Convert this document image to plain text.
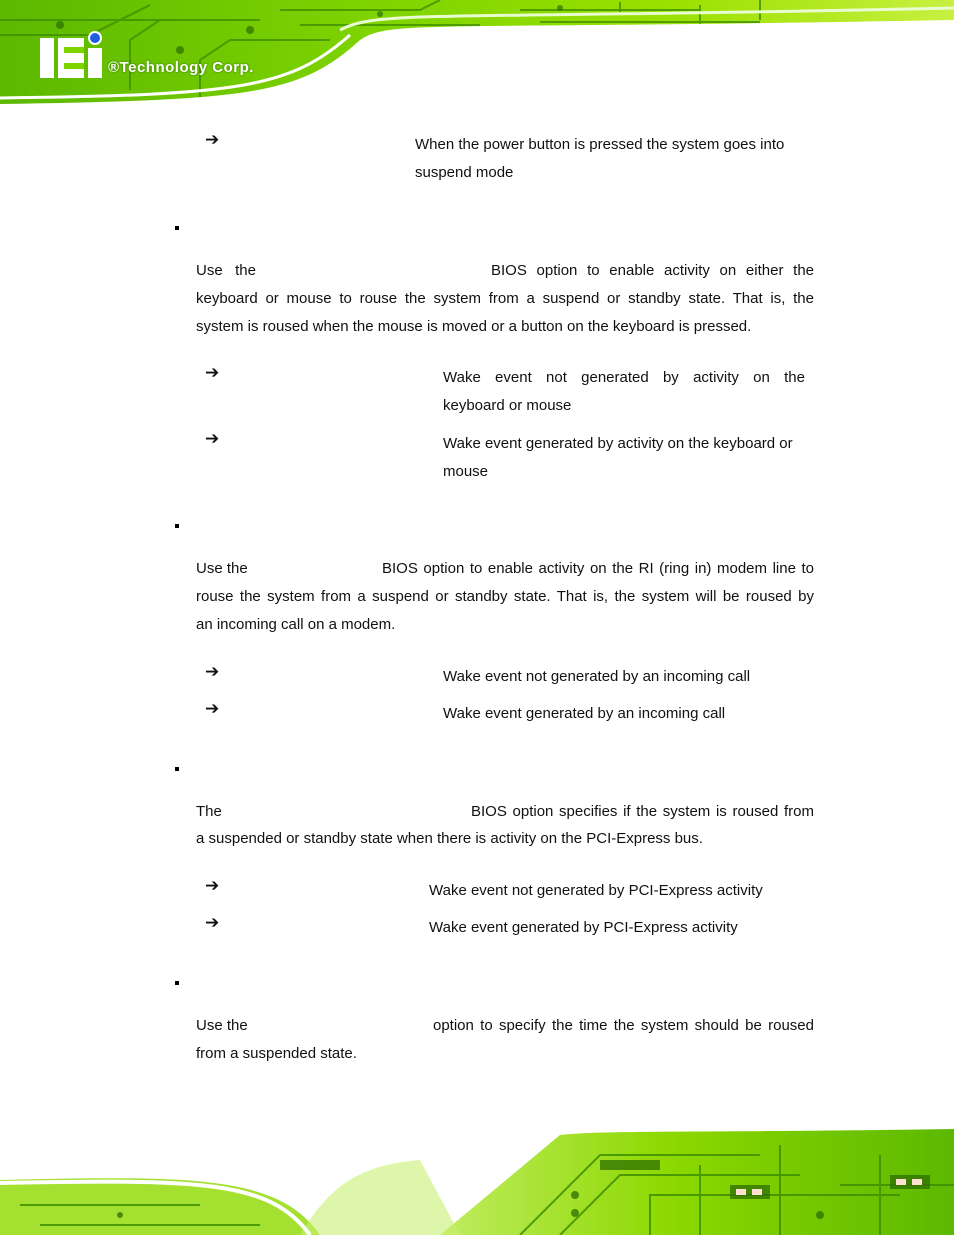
®Technology Corp.
➔	When the power button is pressed the system goes into

suspend mode

Use the	BIOS option to enable activity on either the

keyboard or mouse to rouse the system from a suspend or standby state. That is, the

system is roused when the mouse is moved or a button on the keyboard is pressed.

➔	Wake event not generated by activity on the

keyboard or mouse

➔	Wake event generated by activity on the keyboard or

mouse

Use the	BIOS option to enable activity on the RI (ring in) modem line to

rouse the system from a suspend or standby state. That is, the system will be roused by

an incoming call on a modem.

➔	Wake event not generated by an incoming call

➔	Wake event generated by an incoming call

The	BIOS option specifies if the system is roused from

a suspended or standby state when there is activity on the PCI-Express bus.

➔	Wake event not generated by PCI-Express activity

➔	Wake event generated by PCI-Express activity

Use the	option to specify the time the system should be roused

from a suspended state.
